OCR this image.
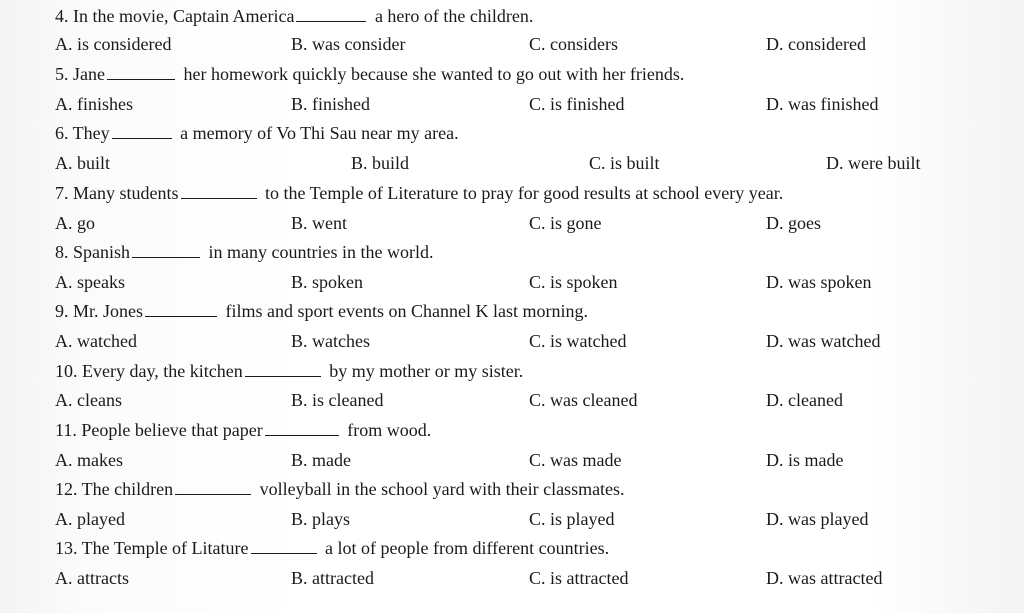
4. In the movie, Captain America	a hero of the children.
A. is considered	B. was consider	C. considers	D. considered
5. Jane	her homework quickly because she wanted to go out with her friends.
A. finishes	B. finished	C. is finished	D. was finished
6. They	a memory of Vo Thi Sau near my area.
A. built	B. build	C. is built	D. were built
7. Many students	to the Temple of Literature to pray for good results at school every year.
A. go	B. went	C. is gone	D. goes
8. Spanish	in many countries in the world.
A. speaks	B. spoken	C. is spoken	D. was spoken
9. Mr. Jones	films and sport events on Channel K last morning.
A. watched	B. watches	C. is watched	D. was watched
10. Every day, the kitchen	by my mother or my sister.
A. cleans	B. is cleaned	C. was cleaned	D. cleaned
11. People believe that paper	from wood.
A. makes	B. made	C. was made	D. is made
12. The children	volleyball in the school yard with their classmates.
A. played	B. plays	C. is played	D. was played
13. The Temple of Litature	a lot of people from different countries.
A. attracts	B. attracted	C. is attracted	D. was attracted
